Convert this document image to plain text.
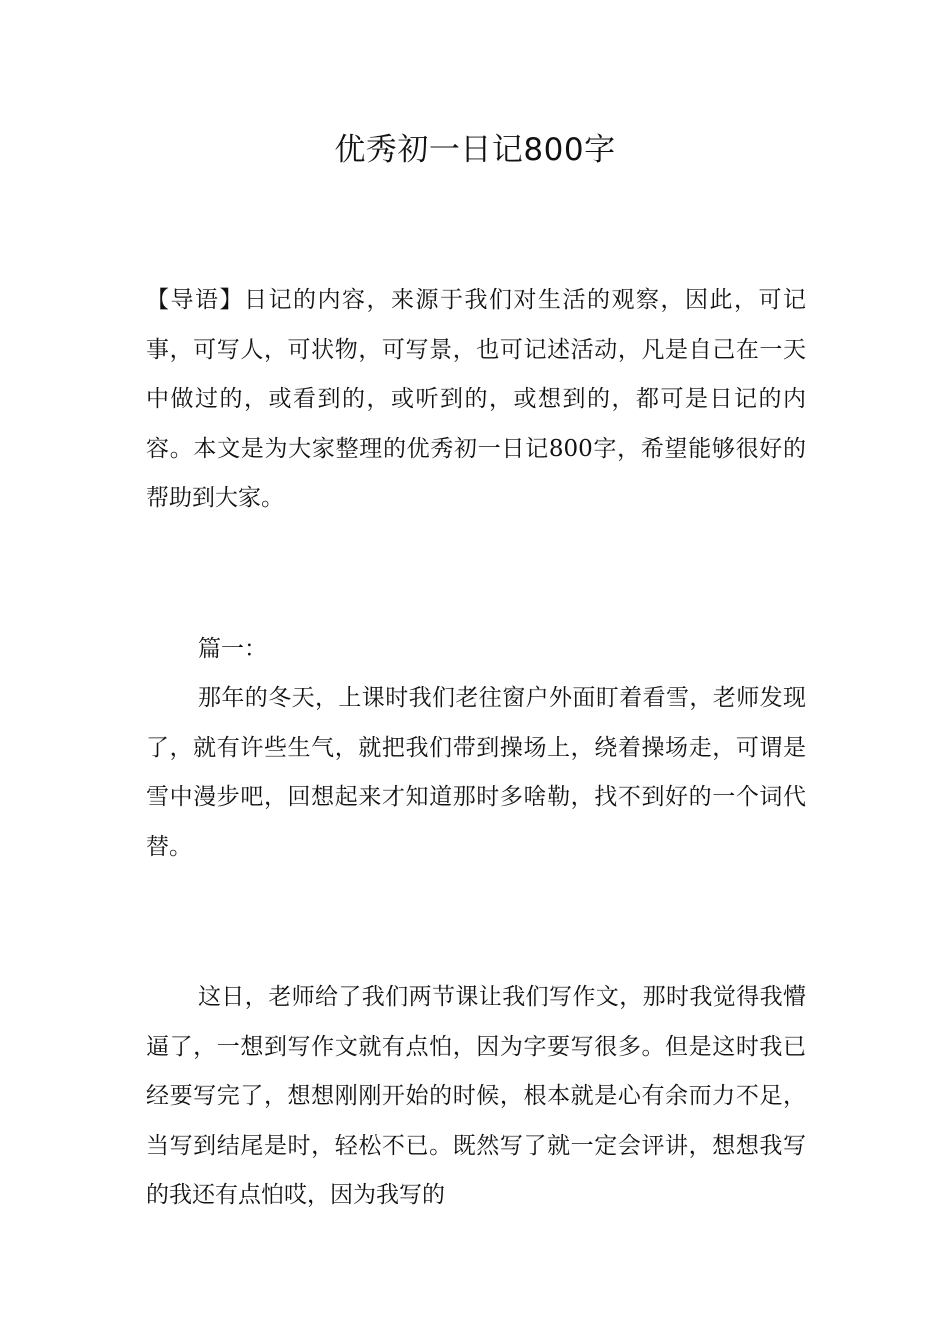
优秀初一日记800字

【导语】日记的内容，来源于我们对生活的观察，因此，可记事，可写人，可状物，可写景，也可记述活动，凡是自己在一天中做过的，或看到的，或听到的，或想到的，都可是日记的内容。本文是为大家整理的优秀初一日记800字，希望能够很好的帮助到大家。

篇一：

那年的冬天，上课时我们老往窗户外面盯着看雪，老师发现了，就有许些生气，就把我们带到操场上，绕着操场走，可谓是雪中漫步吧，回想起来才知道那时多啥勒，找不到好的一个词代替。

这日，老师给了我们两节课让我们写作文，那时我觉得我懵逼了，一想到写作文就有点怕，因为字要写很多。但是这时我已经要写完了，想想刚刚开始的时候，根本就是心有余而力不足，当写到结尾是时，轻松不已。既然写了就一定会评讲，想想我写的我还有点怕哎，因为我写的
